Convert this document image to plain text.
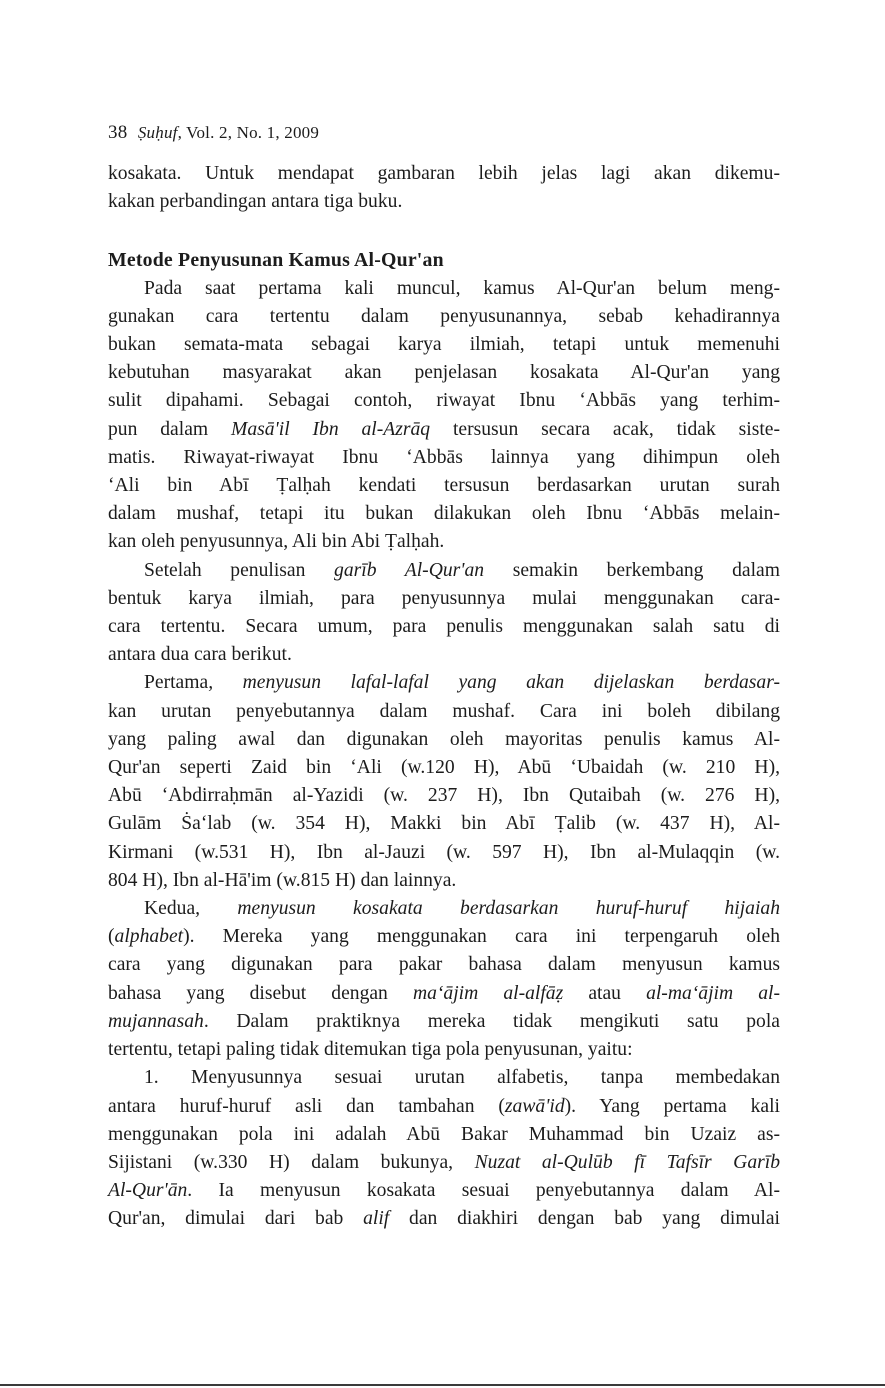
38 Ṣuḥuf, Vol. 2, No. 1, 2009
kosakata. Untuk mendapat gambaran lebih jelas lagi akan dikemu-
kakan perbandingan antara tiga buku.
Metode Penyusunan Kamus Al-Qur'an
Pada saat pertama kali muncul, kamus Al-Qur'an belum meng-
gunakan cara tertentu dalam penyusunannya, sebab kehadirannya
bukan semata-mata sebagai karya ilmiah, tetapi untuk memenuhi
kebutuhan masyarakat akan penjelasan kosakata Al-Qur'an yang
sulit dipahami. Sebagai contoh, riwayat Ibnu ‘Abbās yang terhim-
pun dalam Masā'il Ibn al-Azrāq tersusun secara acak, tidak siste-
matis. Riwayat-riwayat Ibnu ‘Abbās lainnya yang dihimpun oleh
‘Ali bin Abī Ṭalḥah kendati tersusun berdasarkan urutan surah
dalam mushaf, tetapi itu bukan dilakukan oleh Ibnu ‘Abbās melain-
kan oleh penyusunnya, Ali bin Abi Ṭalḥah.
Setelah penulisan garīb Al-Qur'an semakin berkembang dalam
bentuk karya ilmiah, para penyusunnya mulai menggunakan cara-
cara tertentu. Secara umum, para penulis menggunakan salah satu di
antara dua cara berikut.
Pertama, menyusun lafal-lafal yang akan dijelaskan berdasar-
kan urutan penyebutannya dalam mushaf. Cara ini boleh dibilang
yang paling awal dan digunakan oleh mayoritas penulis kamus Al-
Qur'an seperti Zaid bin ‘Ali (w.120 H), Abū ‘Ubaidah (w. 210 H),
Abū ‘Abdirraḥmān al-Yazidi (w. 237 H), Ibn Qutaibah (w. 276 H),
Gulām Ṡa‘lab (w. 354 H), Makki bin Abī Ṭalib (w. 437 H), Al-
Kirmani (w.531 H), Ibn al-Jauzi (w. 597 H), Ibn al-Mulaqqin (w.
804 H), Ibn al-Hā'im (w.815 H) dan lainnya.
Kedua, menyusun kosakata berdasarkan huruf-huruf hijaiah
(alphabet). Mereka yang menggunakan cara ini terpengaruh oleh
cara yang digunakan para pakar bahasa dalam menyusun kamus
bahasa yang disebut dengan ma‘ājim al-alfāẓ atau al-ma‘ājim al-
mujannasah. Dalam praktiknya mereka tidak mengikuti satu pola
tertentu, tetapi paling tidak ditemukan tiga pola penyusunan, yaitu:
1. Menyusunnya sesuai urutan alfabetis, tanpa membedakan
antara huruf-huruf asli dan tambahan (zawā'id). Yang pertama kali
menggunakan pola ini adalah Abū Bakar Muhammad bin Uzaiz as-
Sijistani (w.330 H) dalam bukunya, Nuzat al-Qulūb fī Tafsīr Garīb
Al-Qur'ān. Ia menyusun kosakata sesuai penyebutannya dalam Al-
Qur'an, dimulai dari bab alif dan diakhiri dengan bab yang dimulai
